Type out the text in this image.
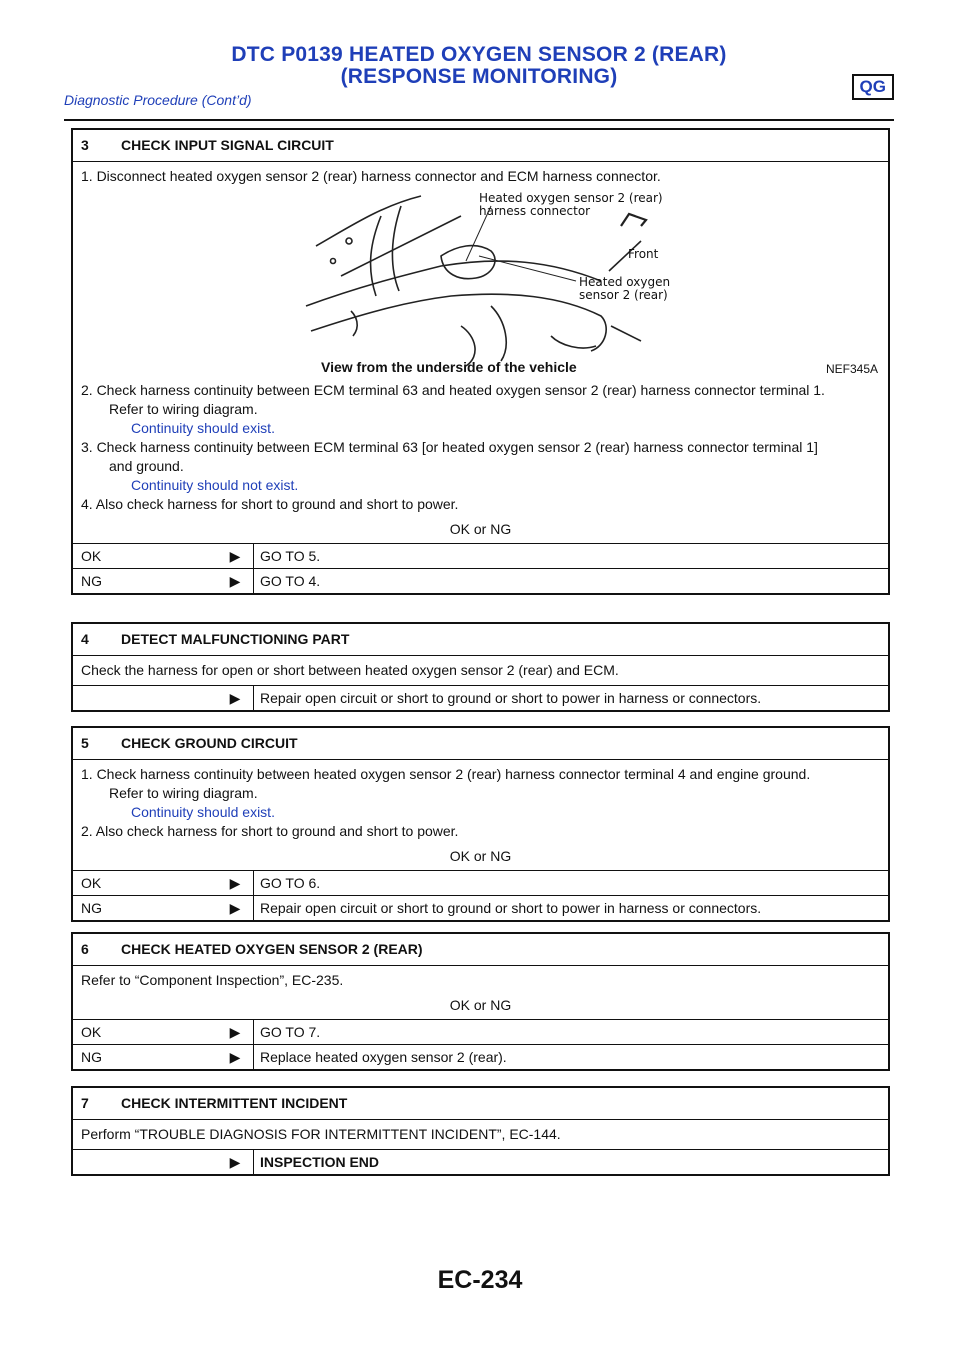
DTC P0139 HEATED OXYGEN SENSOR 2 (REAR)
(RESPONSE MONITORING)
Diagnostic Procedure (Cont’d)
QG
3 CHECK INPUT SIGNAL CIRCUIT
1. Disconnect heated oxygen sensor 2 (rear) harness connector and ECM harness connector.
Heated oxygen sensor 2 (rear)
harness connector
Front
Heated oxygen
sensor 2 (rear)
View from the underside of the vehicle	NEF345A
2. Check harness continuity between ECM terminal 63 and heated oxygen sensor 2 (rear) harness connector terminal 1.
Refer to wiring diagram.
Continuity should exist.
3. Check harness continuity between ECM terminal 63 [or heated oxygen sensor 2 (rear) harness connector terminal 1]
and ground.
Continuity should not exist.
4. Also check harness for short to ground and short to power.
OK or NG
OK	▶	GO TO 5.
NG	▶	GO TO 4.
4 DETECT MALFUNCTIONING PART
Check the harness for open or short between heated oxygen sensor 2 (rear) and ECM.
▶	Repair open circuit or short to ground or short to power in harness or connectors.
5 CHECK GROUND CIRCUIT
1. Check harness continuity between heated oxygen sensor 2 (rear) harness connector terminal 4 and engine ground.
Refer to wiring diagram.
Continuity should exist.
2. Also check harness for short to ground and short to power.
OK or NG
OK	▶	GO TO 6.
NG	▶	Repair open circuit or short to ground or short to power in harness or connectors.
6 CHECK HEATED OXYGEN SENSOR 2 (REAR)
Refer to “Component Inspection”, EC-235.
OK or NG
OK	▶	GO TO 7.
NG	▶	Replace heated oxygen sensor 2 (rear).
7 CHECK INTERMITTENT INCIDENT
Perform “TROUBLE DIAGNOSIS FOR INTERMITTENT INCIDENT”, EC-144.
▶	INSPECTION END
EC-234
